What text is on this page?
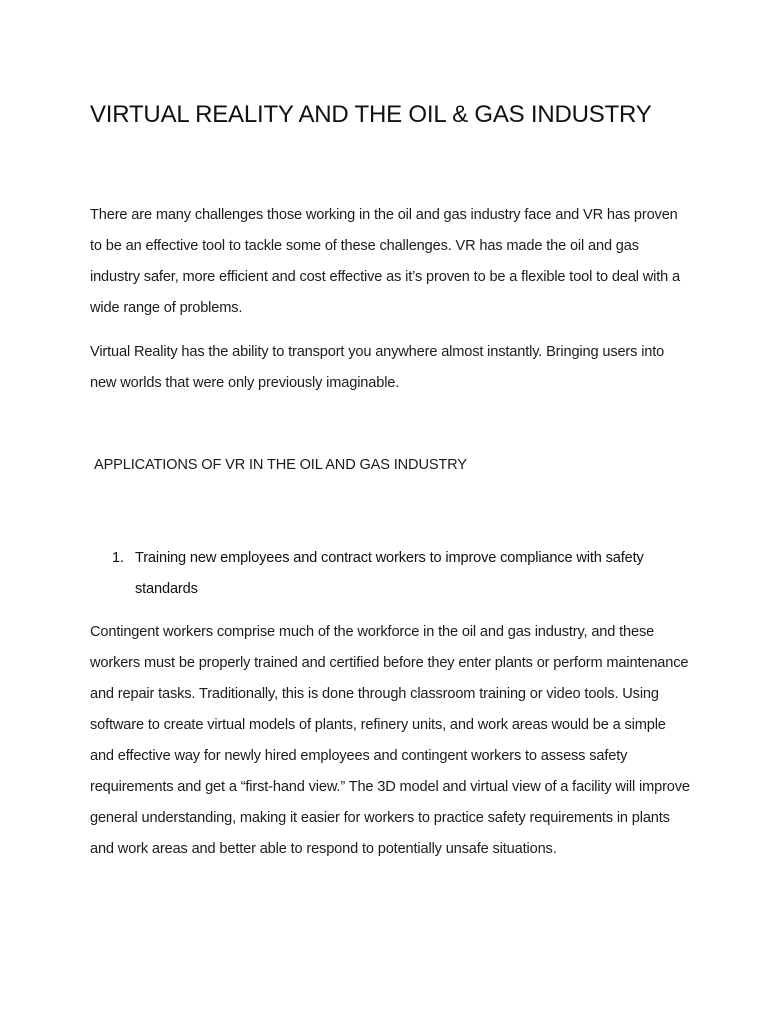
VIRTUAL REALITY AND THE OIL & GAS INDUSTRY

There are many challenges those working in the oil and gas industry face and VR has proven to be an effective tool to tackle some of these challenges. VR has made the oil and gas industry safer, more efficient and cost effective as it’s proven to be a flexible tool to deal with a wide range of problems.

Virtual Reality has the ability to transport you anywhere almost instantly. Bringing users into new worlds that were only previously imaginable.

APPLICATIONS OF VR IN THE OIL AND GAS INDUSTRY
1. Training new employees and contract workers to improve compliance with safety standards

Contingent workers comprise much of the workforce in the oil and gas industry, and these workers must be properly trained and certified before they enter plants or perform maintenance and repair tasks. Traditionally, this is done through classroom training or video tools. Using software to create virtual models of plants, refinery units, and work areas would be a simple and effective way for newly hired employees and contingent workers to assess safety requirements and get a “first-hand view.” The 3D model and virtual view of a facility will improve general understanding, making it easier for workers to practice safety requirements in plants and work areas and better able to respond to potentially unsafe situations.
